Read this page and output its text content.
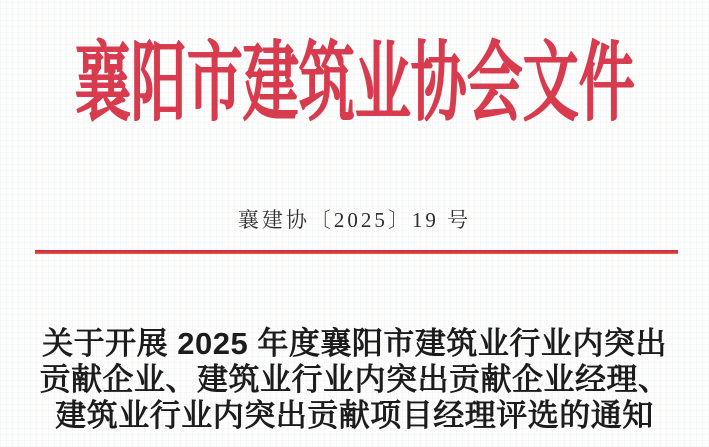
襄阳市建筑业协会文件
襄建协〔2025〕19 号
关于开展 2025 年度襄阳市建筑业行业内突出
贡献企业、建筑业行业内突出贡献企业经理、
建筑业行业内突出贡献项目经理评选的通知
